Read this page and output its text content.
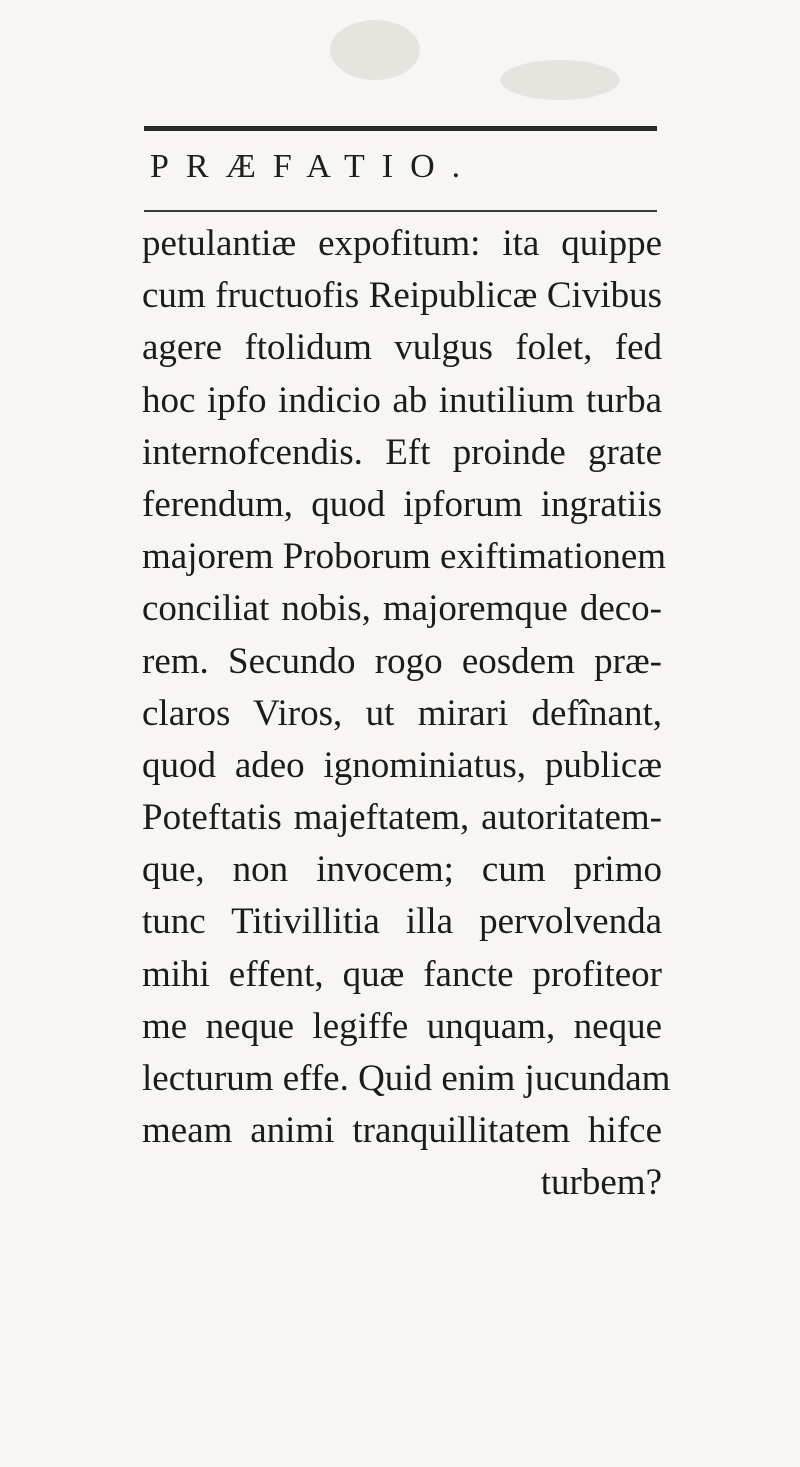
PRÆFATIO.
petulantiæ expofitum: ita quippe
cum fructuofis Reipublicæ Civibus
agere ftolidum vulgus folet, fed
hoc ipfo indicio ab inutilium turba
internofcendis. Eft proinde grate
ferendum, quod ipforum ingratiis
majorem Proborum exiftimationem
conciliat nobis, majoremque deco-
rem. Secundo rogo eosdem præ-
claros Viros, ut mirari defînant,
quod adeo ignominiatus, publicæ
Poteftatis majeftatem, autoritatem-
que, non invocem; cum primo
tunc Titivillitia illa pervolvenda
mihi effent, quæ fancte profiteor
me neque legiffe unquam, neque
lecturum effe. Quid enim jucundam
meam animi tranquillitatem hifce
turbem?
